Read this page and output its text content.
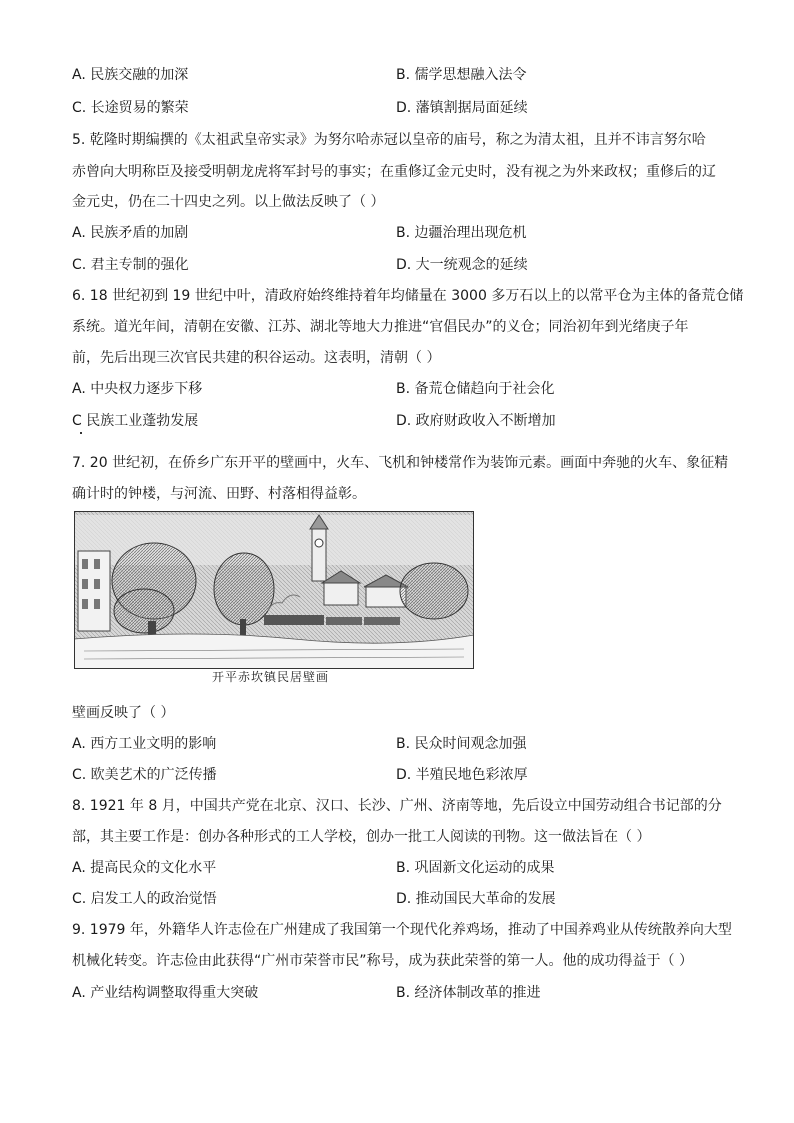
A. 民族交融的加深	B. 儒学思想融入法令
C. 长途贸易的繁荣	D. 藩镇割据局面延续
5. 乾隆时期编撰的《太祖武皇帝实录》为努尔哈赤冠以皇帝的庙号，称之为清太祖，且并不讳言努尔哈
赤曾向大明称臣及接受明朝龙虎将军封号的事实；在重修辽金元史时，没有视之为外来政权；重修后的辽
金元史，仍在二十四史之列。以上做法反映了（ ）
A. 民族矛盾的加剧	B. 边疆治理出现危机
C. 君主专制的强化	D. 大一统观念的延续
6. 18 世纪初到 19 世纪中叶，清政府始终维持着年均储量在 3000 多万石以上的以常平仓为主体的备荒仓储
系统。道光年间，清朝在安徽、江苏、湖北等地大力推进“官倡民办”的义仓；同治初年到光绪庚子年
前，先后出现三次官民共建的积谷运动。这表明，清朝（ ）
A. 中央权力逐步下移	B. 备荒仓储趋向于社会化
C 民族工业蓬勃发展	D. 政府财政收入不断增加
7. 20 世纪初，在侨乡广东开平的壁画中，火车、飞机和钟楼常作为装饰元素。画面中奔驰的火车、象征精
确计时的钟楼，与河流、田野、村落相得益彰。
开平赤坎镇民居壁画
壁画反映了（ ）
A. 西方工业文明的影响	B. 民众时间观念加强
C. 欧美艺术的广泛传播	D. 半殖民地色彩浓厚
8. 1921 年 8 月，中国共产党在北京、汉口、长沙、广州、济南等地，先后设立中国劳动组合书记部的分
部，其主要工作是：创办各种形式的工人学校，创办一批工人阅读的刊物。这一做法旨在（ ）
A. 提高民众的文化水平	B. 巩固新文化运动的成果
C. 启发工人的政治觉悟	D. 推动国民大革命的发展
9. 1979 年，外籍华人许志俭在广州建成了我国第一个现代化养鸡场，推动了中国养鸡业从传统散养向大型
机械化转变。许志俭由此获得“广州市荣誉市民”称号，成为获此荣誉的第一人。他的成功得益于（ ）
A. 产业结构调整取得重大突破	B. 经济体制改革的推进
